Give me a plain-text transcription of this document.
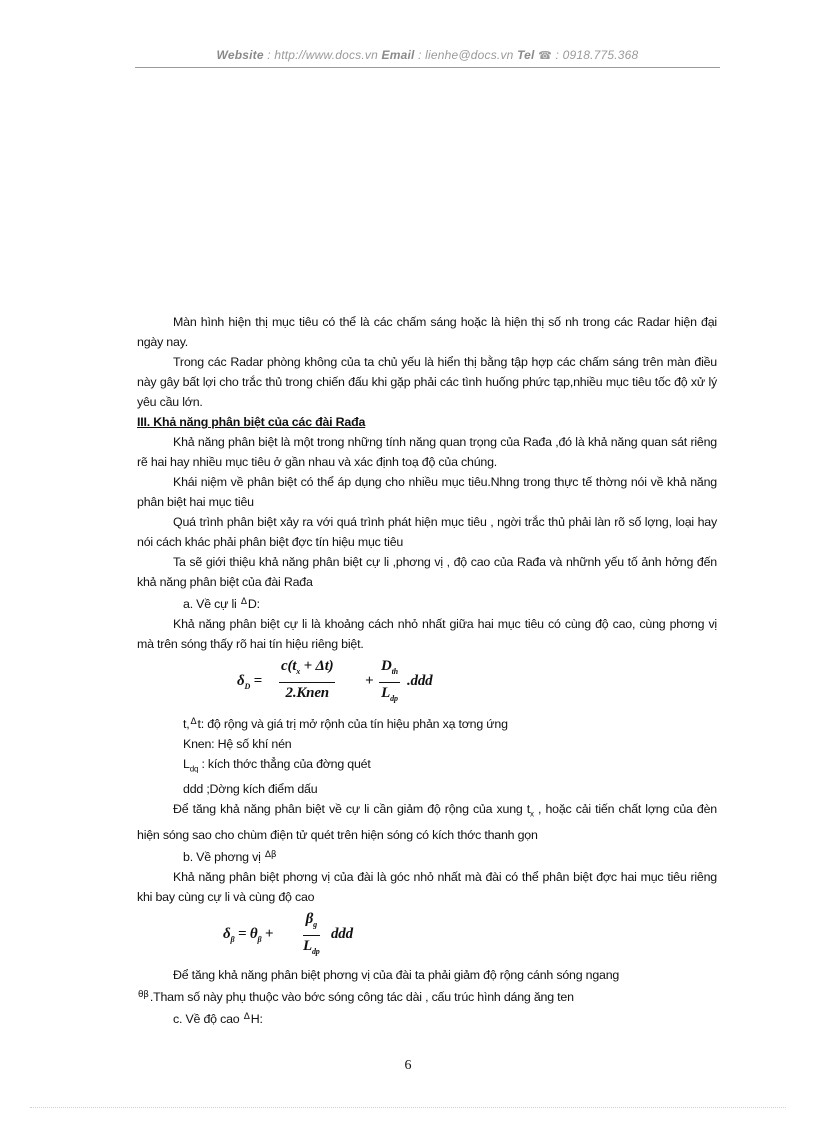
Website : http://www.docs.vn Email : lienhe@docs.vn Tel ☎ : 0918.775.368

Màn hình hiện thị mục tiêu có thể là các chấm sáng hoặc là hiện thị số nh trong các Radar hiện đại ngày nay.

Trong các Radar phòng không của ta chủ yếu là hiển thị bằng tập hợp các chấm sáng trên màn điều này gây bất lợi cho trắc thủ trong chiến đấu khi gặp phải các tình huống phức tạp,nhiều mục tiêu tốc độ xử lý yêu cầu lớn.

III. Khả năng phân biệt của các đài Rađa

Khả năng phân biệt là một trong những tính năng quan trọng của Rađa ,đó là khả năng quan sát riêng rẽ hai hay nhiều mục tiêu ở gần nhau và xác định toạ độ của chúng.

Khái niệm về phân biệt có thể áp dụng cho nhiều mục tiêu.Nhng trong thực tế thờng nói về khả năng phân biệt hai mục tiêu

Quá trình phân biệt xảy ra với quá trình phát hiện mục tiêu , ngời trắc thủ phải làn rõ số lợng, loại hay nói cách khác phải phân biệt đợc tín hiệu mục tiêu

Ta sẽ giới thiệu khả năng phân biệt cự li ,phơng vị , độ cao của Rađa và nhữnh yếu tố ảnh hởng đến khả năng phân biệt của đài Rađa

a. Về cự li $^\Delta$D:

Khả năng phân biệt cự li là khoảng cách nhỏ nhất giữa hai mục tiêu có cùng độ cao, cùng phơng vị mà trên sóng thấy rõ hai tín hiệu riêng biệt.

$\delta_D$ =
$c(t_x + \Delta t)$
2.Knen
+
$D_{th}$
$L_{dp}$
.ddd

t,$^\Delta$t: độ rộng và giá trị mở rộnh của tín hiệu phản xạ tơng ứng

Knen: Hệ số khí nén

$L_{dq}$ : kích thớc thẳng của đờng quét

ddd ;Dờng kích điểm dấu

Để tăng khả năng phân biệt về cự li cần giảm độ rộng của xung $t_x$ , hoặc cải tiến chất lợng của đèn hiện sóng sao cho chùm điện tử quét trên hiện sóng có kích thớc thanh gọn

b. Về phơng vị $^{\Delta\beta}$

Khả năng phân biệt phơng vị của đài là góc nhỏ nhất mà đài có thể phân biệt đợc hai mục tiêu riêng khi bay cùng cự li và cùng độ cao

$\delta_\beta = \theta_\beta$ +
$\beta_g$
$L_{dp}$
ddd

Để tăng khả năng phân biệt phơng vị của đài ta phải giảm độ rộng cánh sóng ngang

$^{\theta\beta}$.Tham số này phụ thuộc vào bớc sóng công tác dài , cấu trúc hình dáng ăng ten

c. Về độ cao $^\Delta$H:

6
